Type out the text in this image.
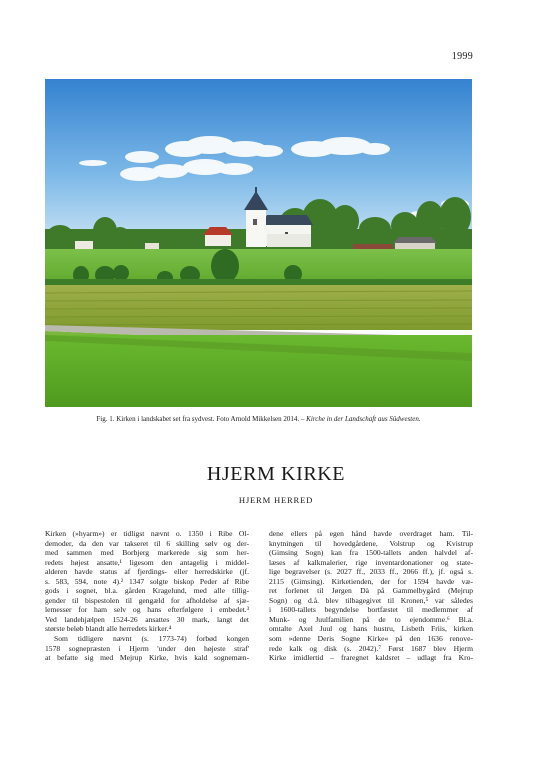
1999
Fig. 1. Kirken i landskabet set fra sydvest. Foto Arnold Mikkelsen 2014. – Kirche in der Landschaft aus Südwesten.
HJERM KIRKE
HJERM HERRED
Kirken (»hyarm») er tidligst nævnt o. 1350 i Ribe Ol-
demoder, da den var takseret til 6 skilling sølv og der-
med sammen med Borbjerg markerede sig som her-
redets højest ansatte,¹ ligesom den antagelig i middel-
alderen havde status af fjerdings- eller herredskirke (jf.
s. 583, 594, note 4).² 1347 solgte biskop Peder af Ribe
gods i sognet, bl.a. gården Kragelund, med alle tillig-
gender til bispestolen til gengæld for afholdelse af sjæ-
lemesser for ham selv og hans efterfølgere i embedet.³
Ved landehjælpen 1524-26 ansattes 30 mark, langt det
største beløb blandt alle herredets kirker.⁴
Som tidligere nævnt (s. 1773-74) forbød kongen
1578 sognepræsten i Hjerm 'under den højeste straf'
at befatte sig med Mejrup Kirke, hvis kald sognemæn-
dene ellers på egen hånd havde overdraget ham. Til-
knytningen til hovedgårdene, Volstrup og Kvistrup
(Gimsing Sogn) kan fra 1500-tallets anden halvdel af-
læses af kalkmalerier, rige inventardonationer og state-
lige begravelser (s. 2027 ff., 2033 ff., 2066 ff.), jf. også s.
2115 (Gimsing). Kirketienden, der for 1594 havde væ-
ret forlenet til Jørgen Dà på Gammelbygård (Mejrup
Sogn) og d.å. blev tilbagegivet til Kronen,⁵ var således
i 1600-tallets begyndelse bortfæstet til medlemmer af
Munk- og Juulfamilien på de to ejendomme.⁶ Bl.a.
omtalte Axel Juul og hans hustru, Lisbeth Friis, kirken
som »denne Deris Sogne Kirke« på den 1636 renove-
rede kalk og disk (s. 2042).⁷ Først 1687 blev Hjerm
Kirke imidlertid – fraregnet kaldsret – udlagt fra Kro-
